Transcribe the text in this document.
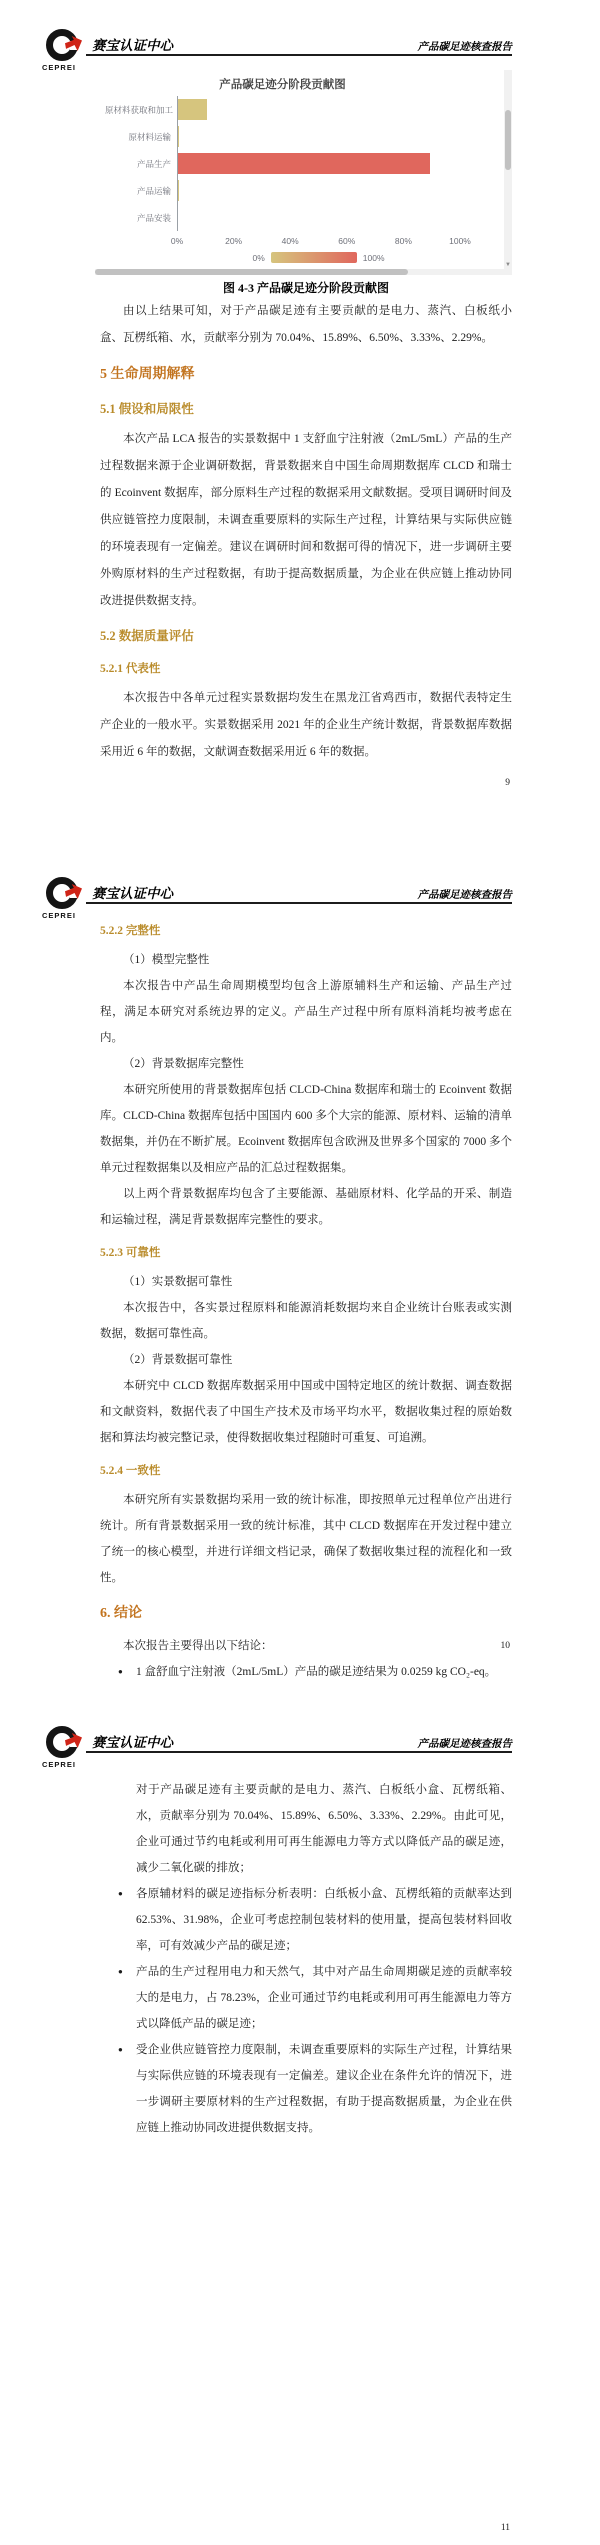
CEPREI
赛宝认证中心	产品碳足迹核查报告
产品碳足迹分阶段贡献图
原材料获取和加工
原材料运输
产品生产
产品运输
产品安装
0%	20%	40%	60%	80%	100%
0%	100%
▼
图 4-3 产品碳足迹分阶段贡献图

由以上结果可知，对于产品碳足迹有主要贡献的是电力、蒸汽、白板纸小盒、瓦楞纸箱、水，贡献率分别为 70.04%、15.89%、6.50%、3.33%、2.29%。

5 生命周期解释
5.1 假设和局限性

本次产品 LCA 报告的实景数据中 1 支舒血宁注射液（2mL/5mL）产品的生产过程数据来源于企业调研数据，背景数据来自中国生命周期数据库 CLCD 和瑞士的 Ecoinvent 数据库，部分原料生产过程的数据采用文献数据。受项目调研时间及供应链管控力度限制，未调查重要原料的实际生产过程，计算结果与实际供应链的环境表现有一定偏差。建议在调研时间和数据可得的情况下，进一步调研主要外购原材料的生产过程数据，有助于提高数据质量，为企业在供应链上推动协同改进提供数据支持。

5.2 数据质量评估
5.2.1 代表性

本次报告中各单元过程实景数据均发生在黑龙江省鸡西市，数据代表特定生产企业的一般水平。实景数据采用 2021 年的企业生产统计数据，背景数据库数据采用近 6 年的数据，文献调查数据采用近 6 年的数据。

9
CEPREI
赛宝认证中心	产品碳足迹核查报告
5.2.2 完整性

（1）模型完整性

本次报告中产品生命周期模型均包含上游原辅料生产和运输、产品生产过程，满足本研究对系统边界的定义。产品生产过程中所有原料消耗均被考虑在内。

（2）背景数据库完整性

本研究所使用的背景数据库包括 CLCD-China 数据库和瑞士的 Ecoinvent 数据库。CLCD-China 数据库包括中国国内 600 多个大宗的能源、原材料、运输的清单数据集，并仍在不断扩展。Ecoinvent 数据库包含欧洲及世界多个国家的 7000 多个单元过程数据集以及相应产品的汇总过程数据集。

以上两个背景数据库均包含了主要能源、基础原材料、化学品的开采、制造和运输过程，满足背景数据库完整性的要求。

5.2.3 可靠性

（1）实景数据可靠性

本次报告中，各实景过程原料和能源消耗数据均来自企业统计台账表或实测数据，数据可靠性高。

（2）背景数据可靠性

本研究中 CLCD 数据库数据采用中国或中国特定地区的统计数据、调查数据和文献资料，数据代表了中国生产技术及市场平均水平，数据收集过程的原始数据和算法均被完整记录，使得数据收集过程随时可重复、可追溯。

5.2.4 一致性

本研究所有实景数据均采用一致的统计标准，即按照单元过程单位产出进行统计。所有背景数据采用一致的统计标准，其中 CLCD 数据库在开发过程中建立了统一的核心模型，并进行详细文档记录，确保了数据收集过程的流程化和一致性。

6. 结论

本次报告主要得出以下结论：

● 1 盒舒血宁注射液（2mL/5mL）产品的碳足迹结果为 0.0259 kg CO₂-eq。

10
CEPREI
赛宝认证中心	产品碳足迹核查报告

对于产品碳足迹有主要贡献的是电力、蒸汽、白板纸小盒、瓦楞纸箱、水，贡献率分别为 70.04%、15.89%、6.50%、3.33%、2.29%。由此可见，企业可通过节约电耗或利用可再生能源电力等方式以降低产品的碳足迹，减少二氧化碳的排放；

● 各原辅材料的碳足迹指标分析表明：白纸板小盒、瓦楞纸箱的贡献率达到 62.53%、31.98%，企业可考虑控制包装材料的使用量，提高包装材料回收率，可有效减少产品的碳足迹；

● 产品的生产过程用电力和天然气，其中对产品生命周期碳足迹的贡献率较大的是电力，占 78.23%，企业可通过节约电耗或利用可再生能源电力等方式以降低产品的碳足迹；

● 受企业供应链管控力度限制，未调查重要原料的实际生产过程，计算结果与实际供应链的环境表现有一定偏差。建议企业在条件允许的情况下，进一步调研主要原材料的生产过程数据，有助于提高数据质量，为企业在供应链上推动协同改进提供数据支持。

11
